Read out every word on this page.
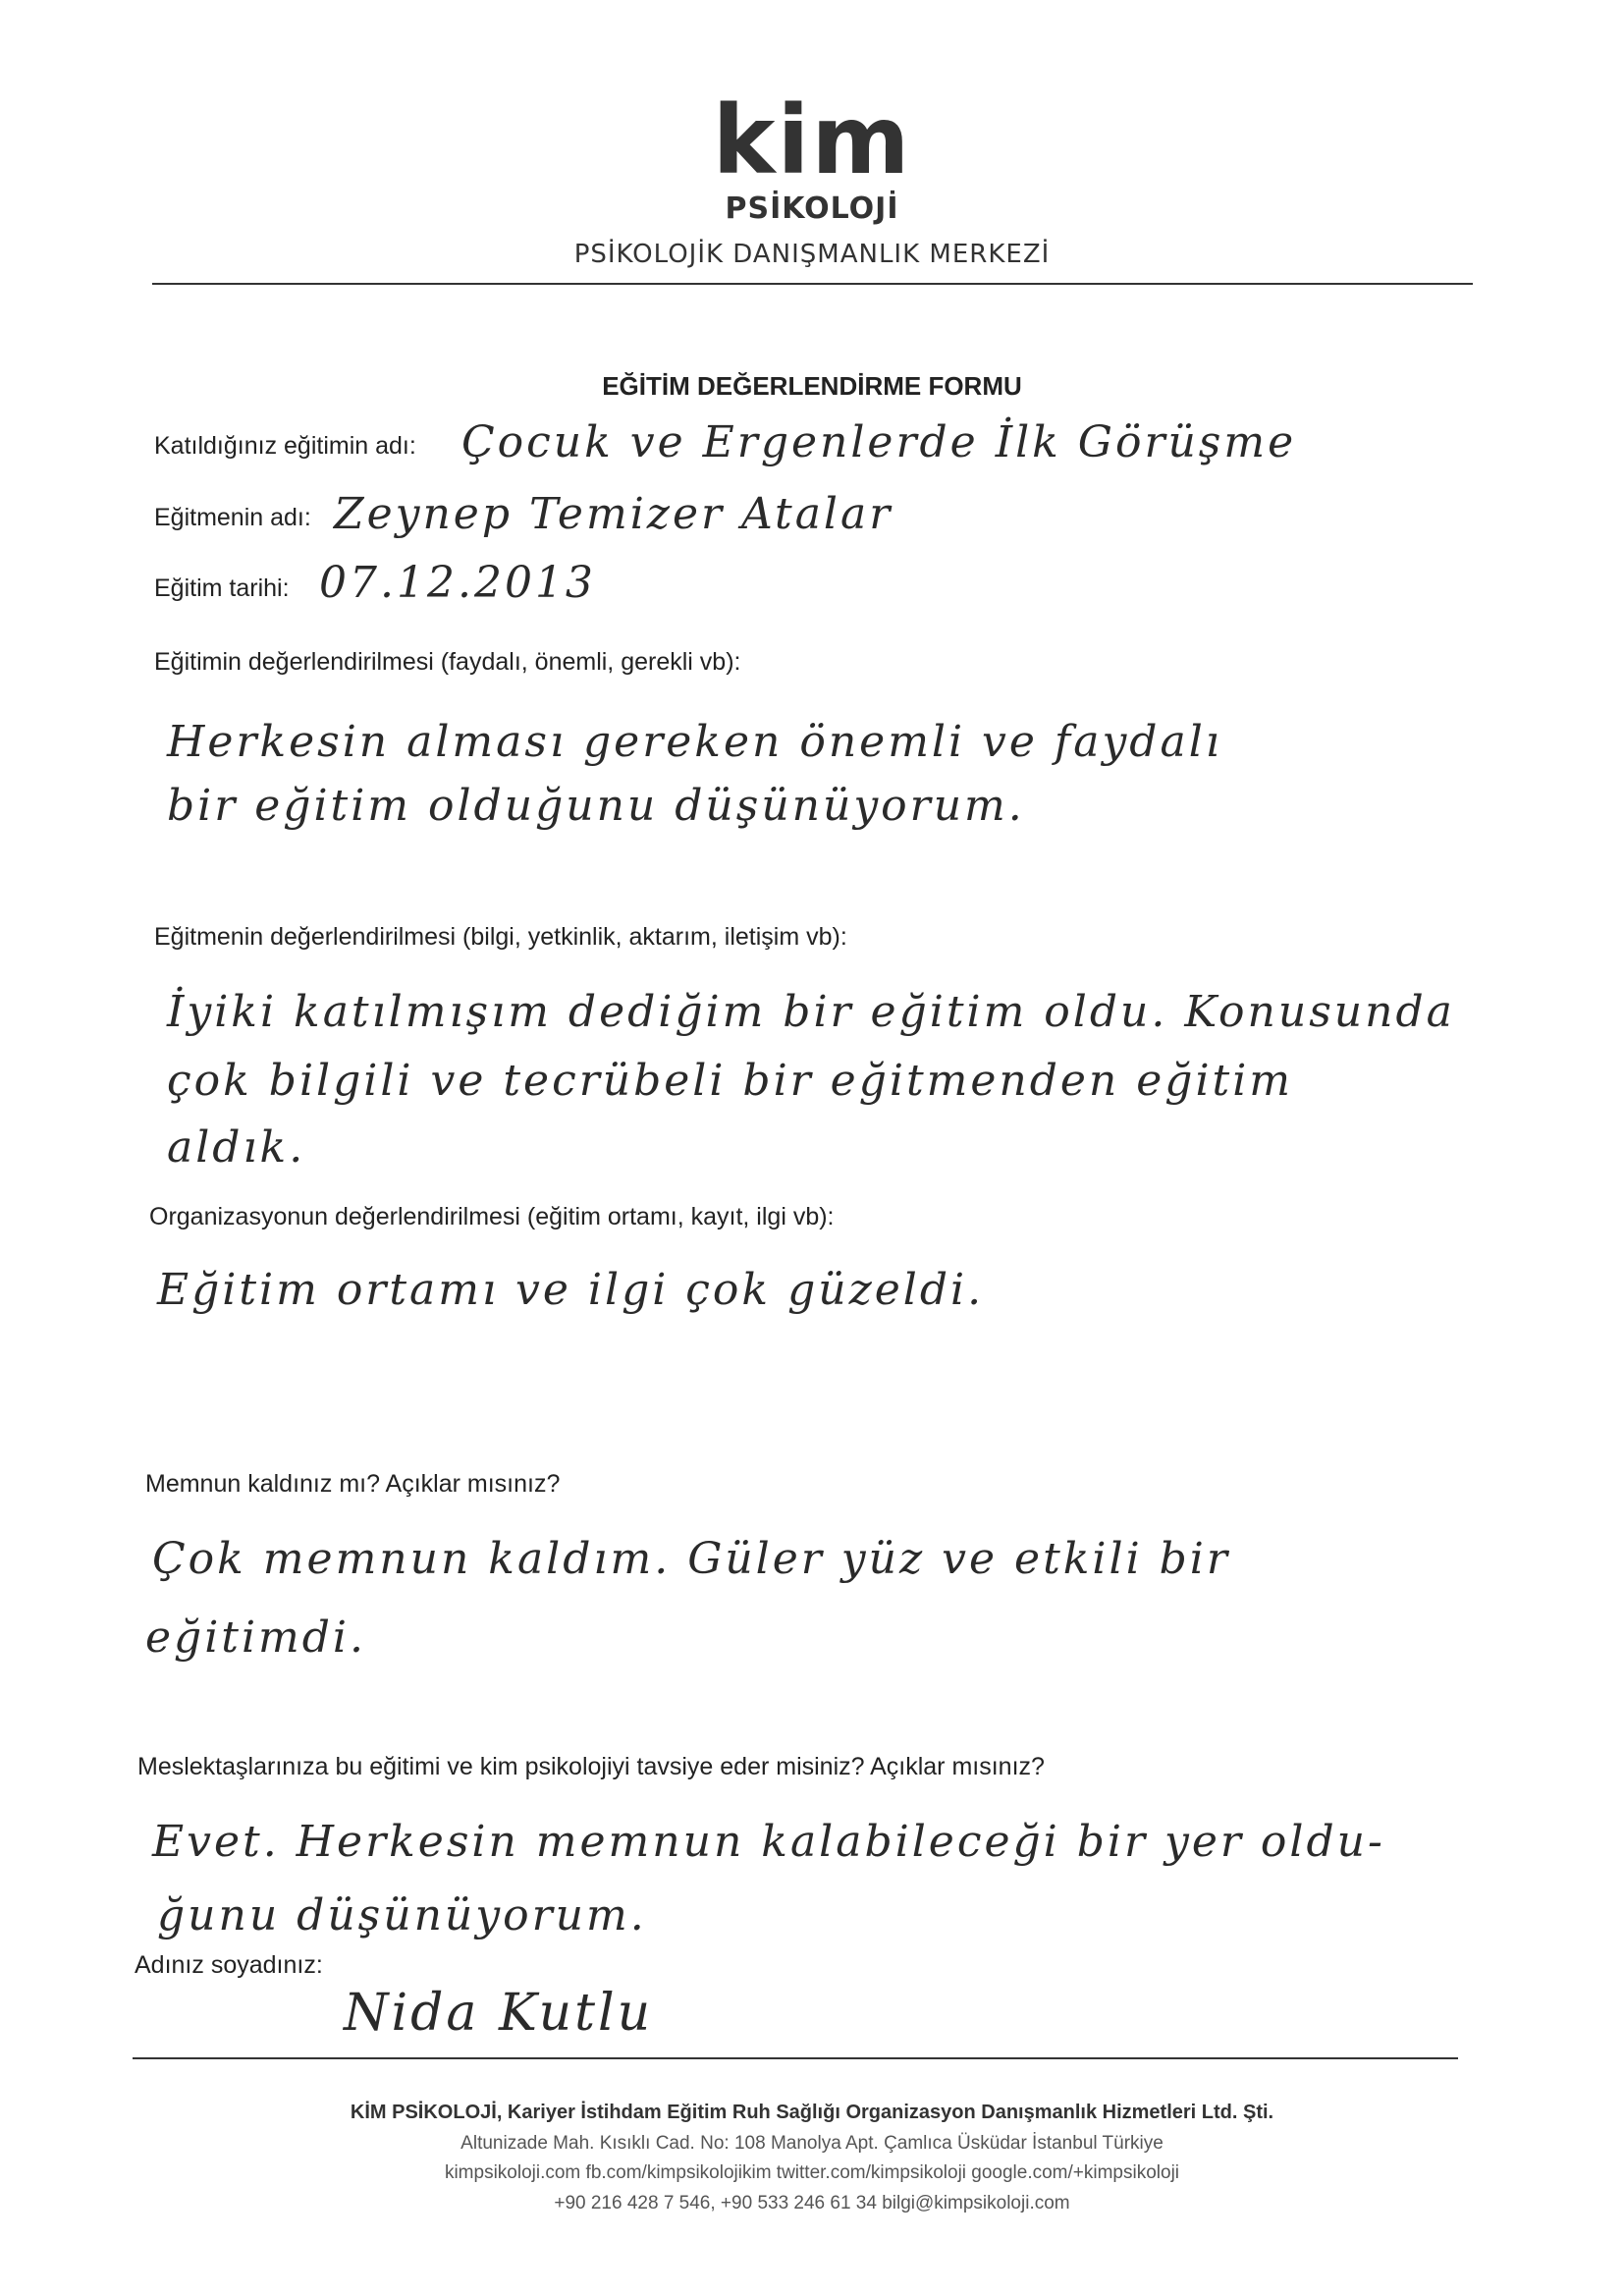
kim
PSİKOLOJİ
PSİKOLOJİK DANIŞMANLIK MERKEZİ
EĞİTİM DEĞERLENDİRME FORMU
Katıldığınız eğitimin adı: Çocuk ve Ergenlerde İlk Görüşme
Eğitmenin adı: Zeynep Temizer Atalar
Eğitim tarihi: 07.12.2013
Eğitimin değerlendirilmesi (faydalı, önemli, gerekli vb):
Herkesin alması gereken önemli ve faydalı
bir eğitim olduğunu düşünüyorum.
Eğitmenin değerlendirilmesi (bilgi, yetkinlik, aktarım, iletişim vb):
İyiki katılmışım dediğim bir eğitim oldu. Konusunda
çok bilgili ve tecrübeli bir eğitmenden eğitim
aldık.
Organizasyonun değerlendirilmesi (eğitim ortamı, kayıt, ilgi vb):
Eğitim ortamı ve ilgi çok güzeldi.
Memnun kaldınız mı? Açıklar mısınız?
Çok memnun kaldım. Güler yüz ve etkili bir
eğitimdi.
Meslektaşlarınıza bu eğitimi ve kim psikolojiyi tavsiye eder misiniz? Açıklar mısınız?
Evet. Herkesin memnun kalabileceği bir yer oldu-
ğunu düşünüyorum.
Adınız soyadınız:
Nida Kutlu
KİM PSİKOLOJİ, Kariyer İstihdam Eğitim Ruh Sağlığı Organizasyon Danışmanlık Hizmetleri Ltd. Şti.
Altunizade Mah. Kısıklı Cad. No: 108 Manolya Apt. Çamlıca Üsküdar İstanbul Türkiye
kimpsikoloji.com fb.com/kimpsikolojikim twitter.com/kimpsikoloji google.com/+kimpsikoloji
+90 216 428 7 546, +90 533 246 61 34 bilgi@kimpsikoloji.com
